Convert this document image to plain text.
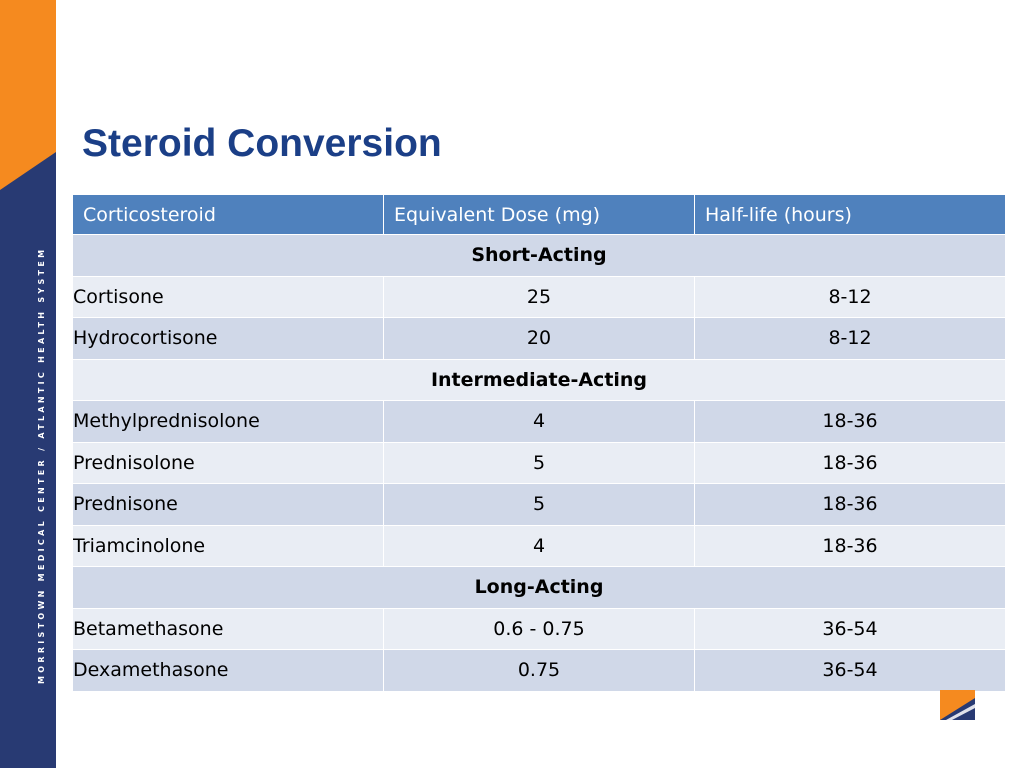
MORRISTOWN MEDICAL CENTER / ATLANTIC HEALTH SYSTEM
Steroid Conversion
Corticosteroid	Equivalent Dose (mg)	Half-life (hours)
Short-Acting		
Cortisone	25	8-12
Hydrocortisone	20	8-12
Intermediate-Acting		
Methylprednisolone	4	18-36
Prednisolone	5	18-36
Prednisone	5	18-36
Triamcinolone	4	18-36
Long-Acting		
Betamethasone	0.6 - 0.75	36-54
Dexamethasone	0.75	36-54
